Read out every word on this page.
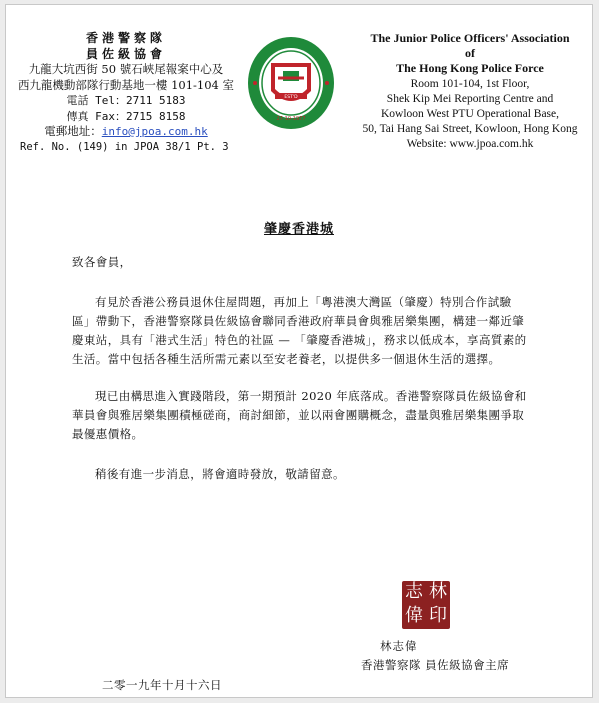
香港警察隊
員佐級協會
九龍大坑西街 50 號石峽尾報案中心及
西九龍機動部隊行動基地一樓 101-104 室
電話 Tel：2711 5183
傳真 Fax：2715 8158
電郵地址：info@jpoa.com.hk
Ref. No. (149) in JPOA 38/1 Pt. 3
EST'D
27-10-1977
The Junior Police Officers' Association
of
The Hong Kong Police Force
Room 101-104, 1st Floor,
Shek Kip Mei Reporting Centre and
Kowloon West PTU Operational Base,
50, Tai Hang Sai Street, Kowloon, Hong Kong
Website: www.jpoa.com.hk
肇慶香港城
致各會員，
有見於香港公務員退休住屋問題，再加上「粵港澳大灣區（肇慶）特別合作試驗區」帶動下，香港警察隊員佐級協會聯同香港政府華員會與雅居樂集團，構建一鄰近肇慶東站，具有「港式生活」特色的社區 — 「肇慶香港城」，務求以低成本，享高質素的生活。當中包括各種生活所需元素以至安老養老，以提供多一個退休生活的選擇。
現已由構思進入實踐階段，第一期預計 2020 年底落成。香港警察隊員佐級協會和華員會與雅居樂集團積極磋商，商討細節，並以兩會團購概念，盡量與雅居樂集團爭取最優惠價格。
稍後有進一步消息，將會適時發放，敬請留意。
志 林
偉 印
林志偉
香港警察隊 員佐級協會主席
二零一九年十月十六日
